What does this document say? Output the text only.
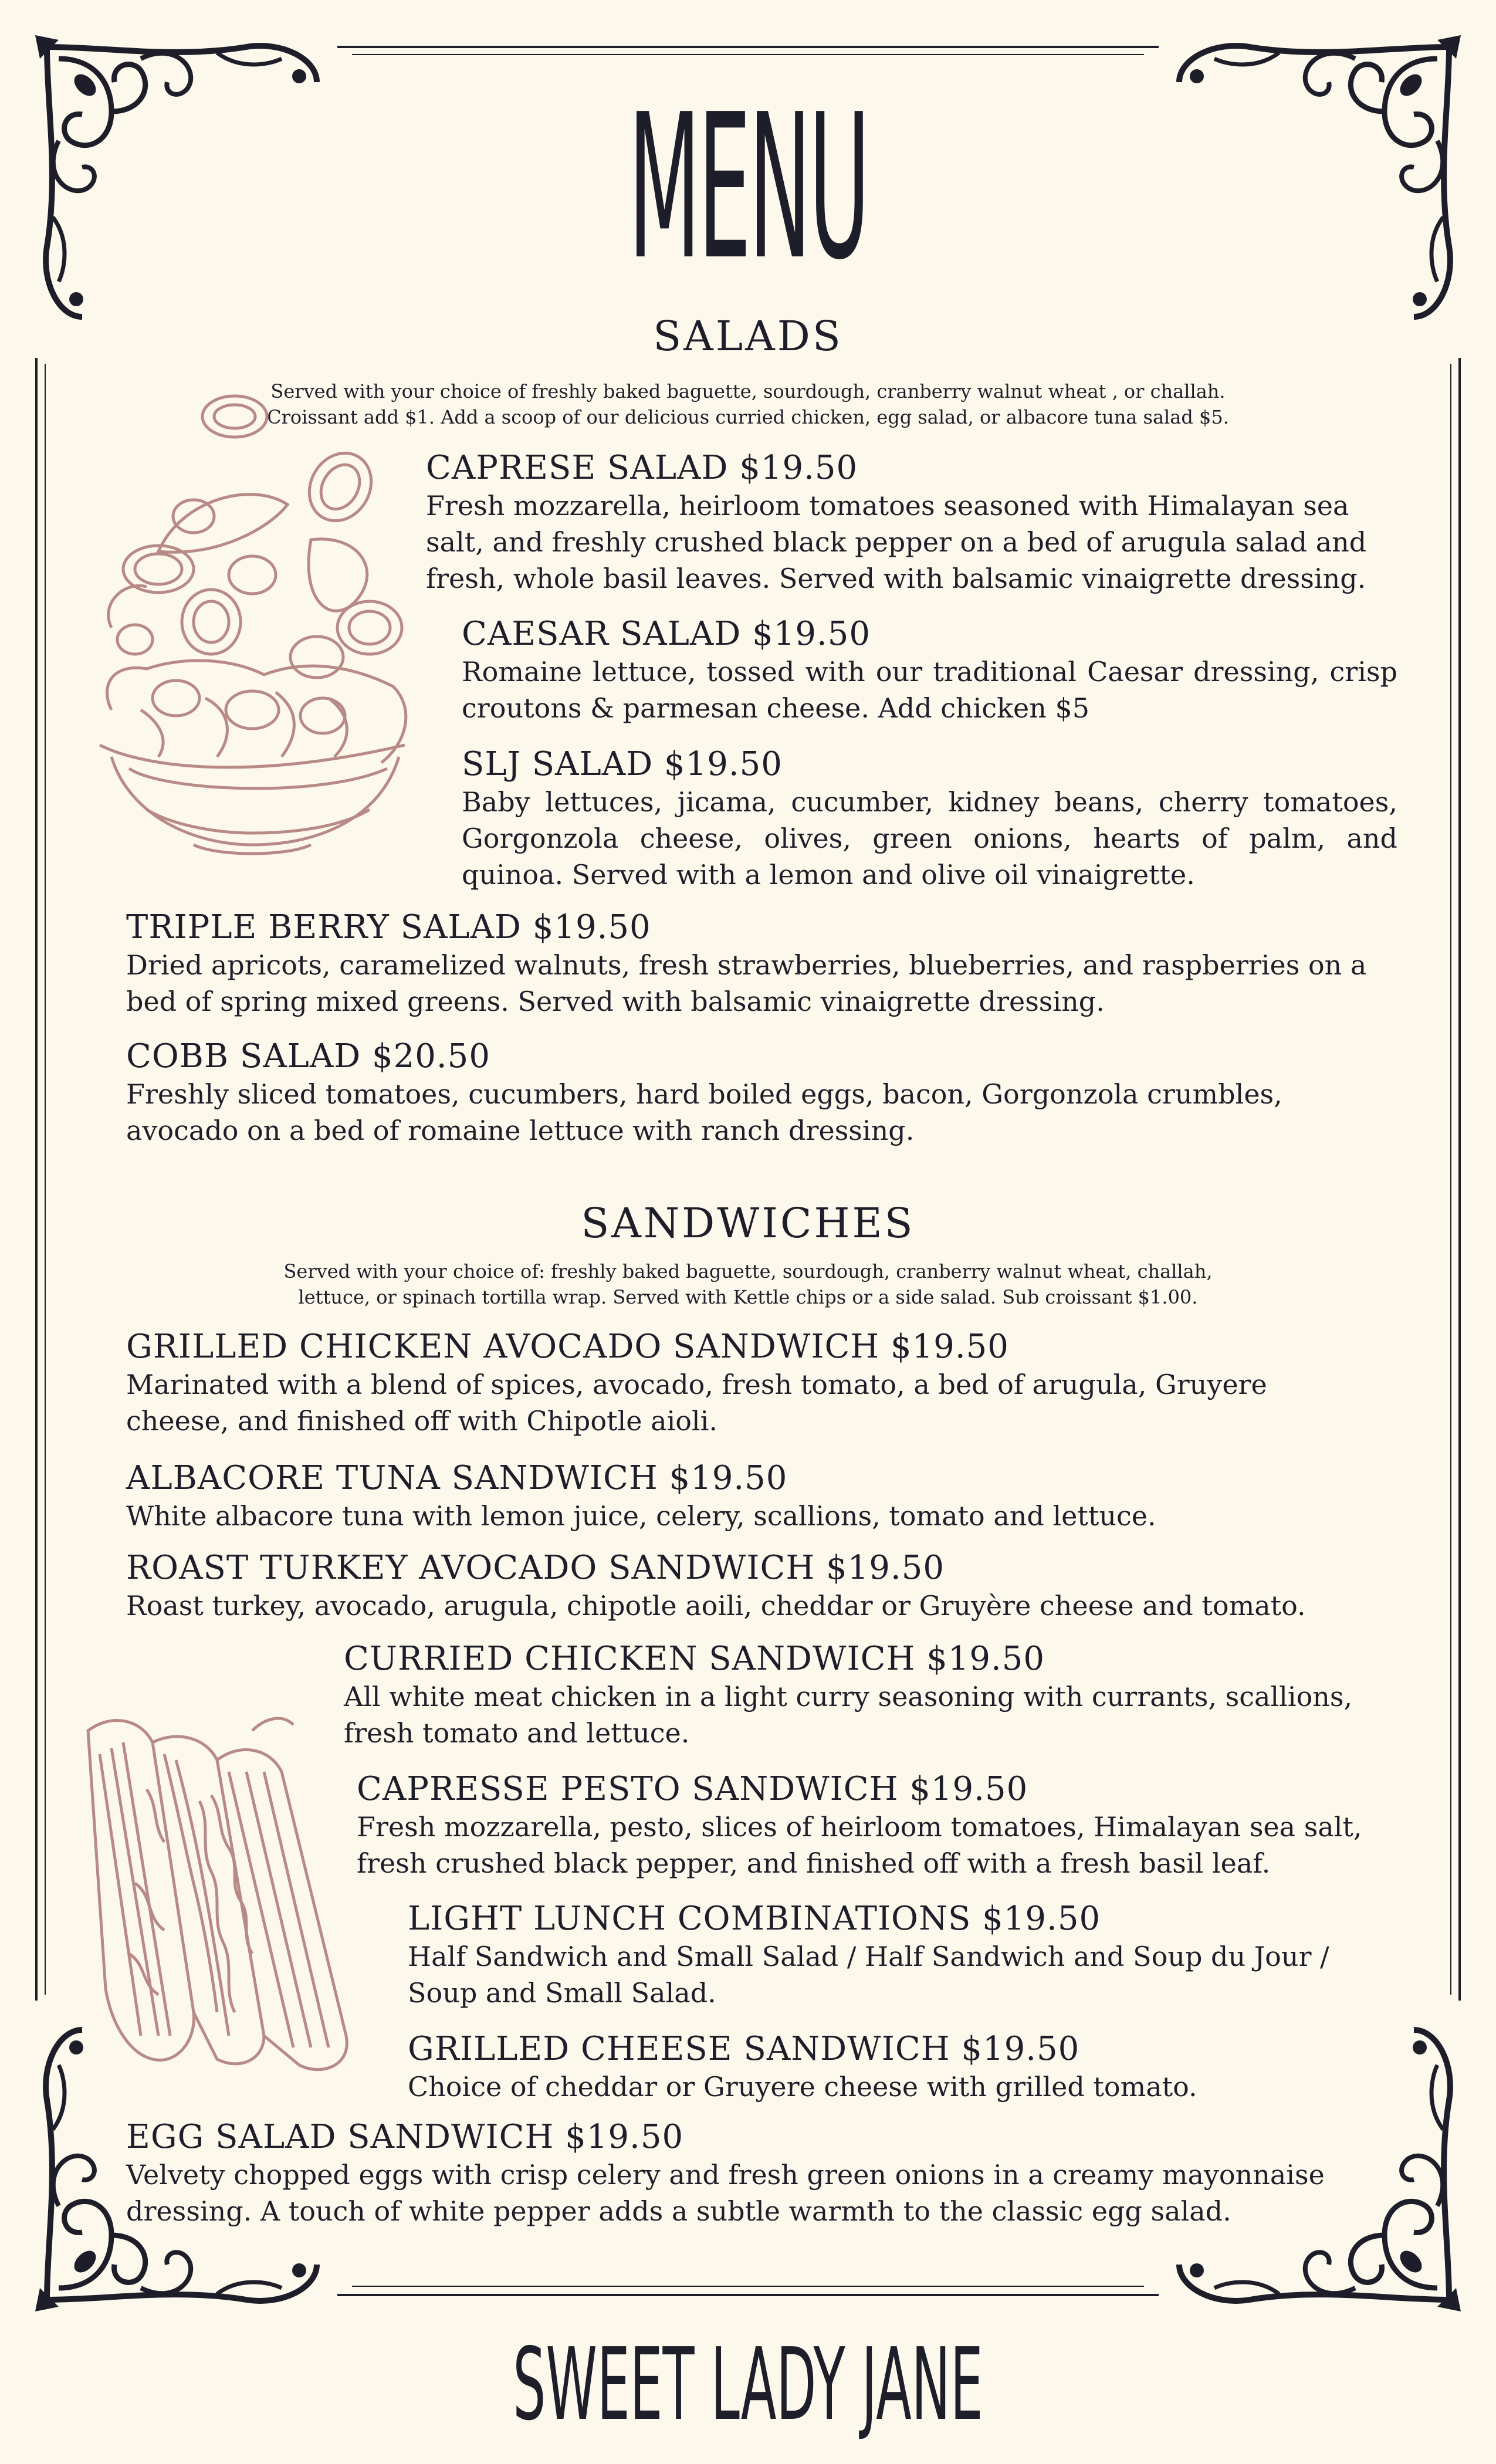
MENU
SALADS
Served with your choice of freshly baked baguette, sourdough, cranberry walnut wheat , or challah.
Croissant add $1. Add a scoop of our delicious curried chicken, egg salad, or albacore tuna salad $5.
CAPRESE SALAD $19.50
Fresh mozzarella, heirloom tomatoes seasoned with Himalayan sea salt, and freshly crushed black pepper on a bed of arugula salad and fresh, whole basil leaves. Served with balsamic vinaigrette dressing.
CAESAR SALAD $19.50
Romaine lettuce, tossed with our traditional Caesar dressing, crisp croutons & parmesan cheese. Add chicken $5
SLJ SALAD $19.50
Baby lettuces, jicama, cucumber, kidney beans, cherry tomatoes, Gorgonzola cheese, olives, green onions, hearts of palm, and quinoa. Served with a lemon and olive oil vinaigrette.
TRIPLE BERRY SALAD $19.50
Dried apricots, caramelized walnuts, fresh strawberries, blueberries, and raspberries on a bed of spring mixed greens. Served with balsamic vinaigrette dressing.
COBB SALAD $20.50
Freshly sliced tomatoes, cucumbers, hard boiled eggs, bacon, Gorgonzola crumbles, avocado on a bed of romaine lettuce with ranch dressing.
SANDWICHES
Served with your choice of: freshly baked baguette, sourdough, cranberry walnut wheat, challah,
lettuce, or spinach tortilla wrap. Served with Kettle chips or a side salad. Sub croissant $1.00.
GRILLED CHICKEN AVOCADO SANDWICH $19.50
Marinated with a blend of spices, avocado, fresh tomato, a bed of arugula, Gruyere cheese, and finished off with Chipotle aioli.
ALBACORE TUNA SANDWICH $19.50
White albacore tuna with lemon juice, celery, scallions, tomato and lettuce.
ROAST TURKEY AVOCADO SANDWICH $19.50
Roast turkey, avocado, arugula, chipotle aoili, cheddar or Gruyère cheese and tomato.
CURRIED CHICKEN SANDWICH $19.50
All white meat chicken in a light curry seasoning with currants, scallions, fresh tomato and lettuce.
CAPRESSE PESTO SANDWICH $19.50
Fresh mozzarella, pesto, slices of heirloom tomatoes, Himalayan sea salt, fresh crushed black pepper, and finished off with a fresh basil leaf.
LIGHT LUNCH COMBINATIONS $19.50
Half Sandwich and Small Salad / Half Sandwich and Soup du Jour / Soup and Small Salad.
GRILLED CHEESE SANDWICH $19.50
Choice of cheddar or Gruyere cheese with grilled tomato.
EGG SALAD SANDWICH $19.50
Velvety chopped eggs with crisp celery and fresh green onions in a creamy mayonnaise dressing. A touch of white pepper adds a subtle warmth to the classic egg salad.
SWEET LADY JANE
